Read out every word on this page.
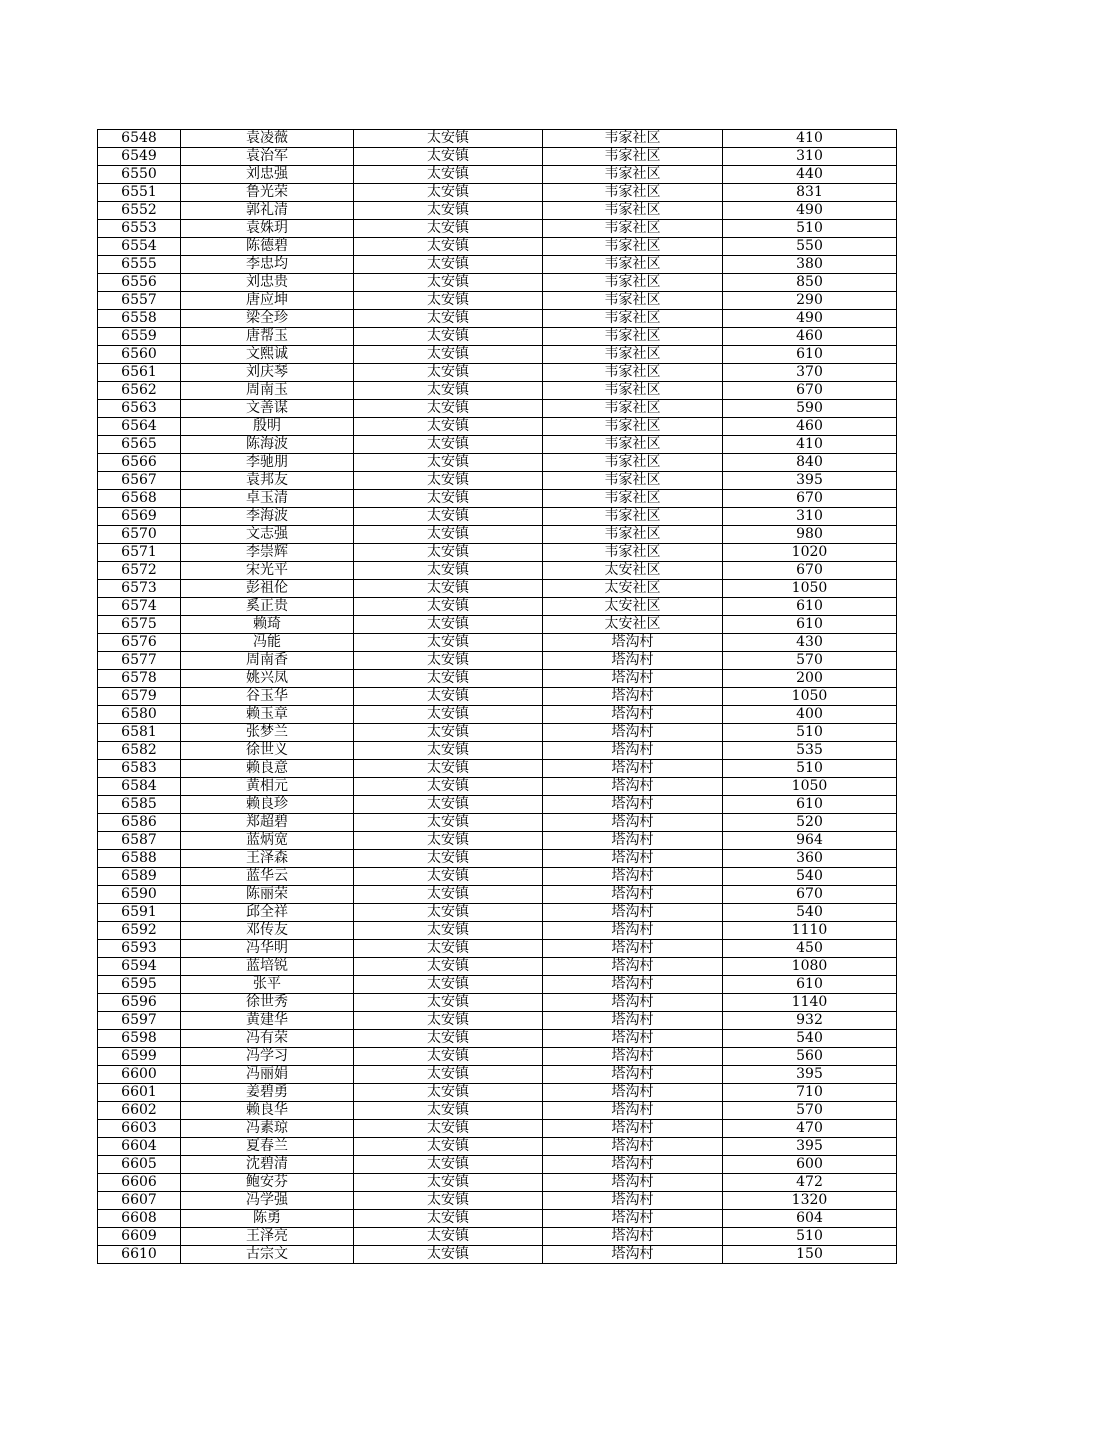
6548	袁凌薇	太安镇	韦家社区	410
6549	袁治军	太安镇	韦家社区	310
6550	刘忠强	太安镇	韦家社区	440
6551	鲁光荣	太安镇	韦家社区	831
6552	郭礼清	太安镇	韦家社区	490
6553	袁姝玥	太安镇	韦家社区	510
6554	陈德碧	太安镇	韦家社区	550
6555	李忠均	太安镇	韦家社区	380
6556	刘忠贵	太安镇	韦家社区	850
6557	唐应坤	太安镇	韦家社区	290
6558	梁全珍	太安镇	韦家社区	490
6559	唐帮玉	太安镇	韦家社区	460
6560	文熙诚	太安镇	韦家社区	610
6561	刘庆琴	太安镇	韦家社区	370
6562	周南玉	太安镇	韦家社区	670
6563	文善谋	太安镇	韦家社区	590
6564	殷明	太安镇	韦家社区	460
6565	陈海波	太安镇	韦家社区	410
6566	李驰朋	太安镇	韦家社区	840
6567	袁邦友	太安镇	韦家社区	395
6568	卓玉清	太安镇	韦家社区	670
6569	李海波	太安镇	韦家社区	310
6570	文志强	太安镇	韦家社区	980
6571	李崇辉	太安镇	韦家社区	1020
6572	宋光平	太安镇	太安社区	670
6573	彭祖伦	太安镇	太安社区	1050
6574	奚正贵	太安镇	太安社区	610
6575	赖琦	太安镇	太安社区	610
6576	冯能	太安镇	塔沟村	430
6577	周南香	太安镇	塔沟村	570
6578	姚兴凤	太安镇	塔沟村	200
6579	谷玉华	太安镇	塔沟村	1050
6580	赖玉章	太安镇	塔沟村	400
6581	张梦兰	太安镇	塔沟村	510
6582	徐世义	太安镇	塔沟村	535
6583	赖良意	太安镇	塔沟村	510
6584	黄相元	太安镇	塔沟村	1050
6585	赖良珍	太安镇	塔沟村	610
6586	郑超碧	太安镇	塔沟村	520
6587	蓝炳宽	太安镇	塔沟村	964
6588	王泽森	太安镇	塔沟村	360
6589	蓝华云	太安镇	塔沟村	540
6590	陈丽荣	太安镇	塔沟村	670
6591	邱全祥	太安镇	塔沟村	540
6592	邓传友	太安镇	塔沟村	1110
6593	冯华明	太安镇	塔沟村	450
6594	蓝培锐	太安镇	塔沟村	1080
6595	张平	太安镇	塔沟村	610
6596	徐世秀	太安镇	塔沟村	1140
6597	黄建华	太安镇	塔沟村	932
6598	冯有荣	太安镇	塔沟村	540
6599	冯学习	太安镇	塔沟村	560
6600	冯丽娟	太安镇	塔沟村	395
6601	姜碧勇	太安镇	塔沟村	710
6602	赖良华	太安镇	塔沟村	570
6603	冯素琼	太安镇	塔沟村	470
6604	夏春兰	太安镇	塔沟村	395
6605	沈碧清	太安镇	塔沟村	600
6606	鲍安芬	太安镇	塔沟村	472
6607	冯学强	太安镇	塔沟村	1320
6608	陈勇	太安镇	塔沟村	604
6609	王泽亮	太安镇	塔沟村	510
6610	古宗文	太安镇	塔沟村	150
